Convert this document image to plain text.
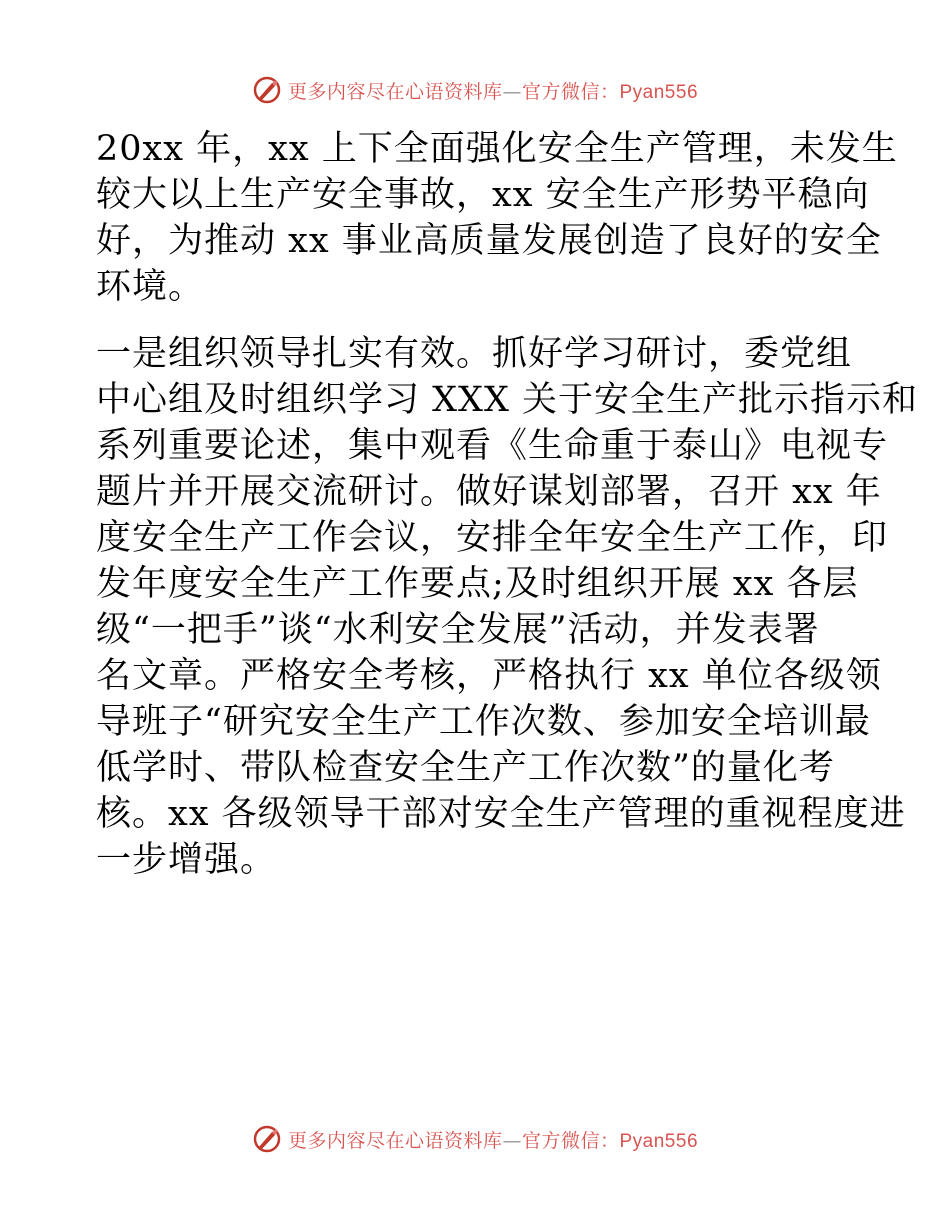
更多内容尽在心语资料库—官方微信：Pyan556

20xx 年，xx 上下全面强化安全生产管理，未发生
较大以上生产安全事故，xx 安全生产形势平稳向
好，为推动 xx 事业高质量发展创造了良好的安全
环境。

一是组织领导扎实有效。抓好学习研讨，委党组
中心组及时组织学习 XXX 关于安全生产批示指示和
系列重要论述，集中观看《生命重于泰山》电视专
题片并开展交流研讨。做好谋划部署，召开 xx 年
度安全生产工作会议，安排全年安全生产工作，印
发年度安全生产工作要点;及时组织开展 xx 各层
级“一把手”谈“水利安全发展”活动，并发表署
名文章。严格安全考核，严格执行 xx 单位各级领
导班子“研究安全生产工作次数、参加安全培训最
低学时、带队检查安全生产工作次数”的量化考
核。xx 各级领导干部对安全生产管理的重视程度进
一步增强。

更多内容尽在心语资料库—官方微信：Pyan556
